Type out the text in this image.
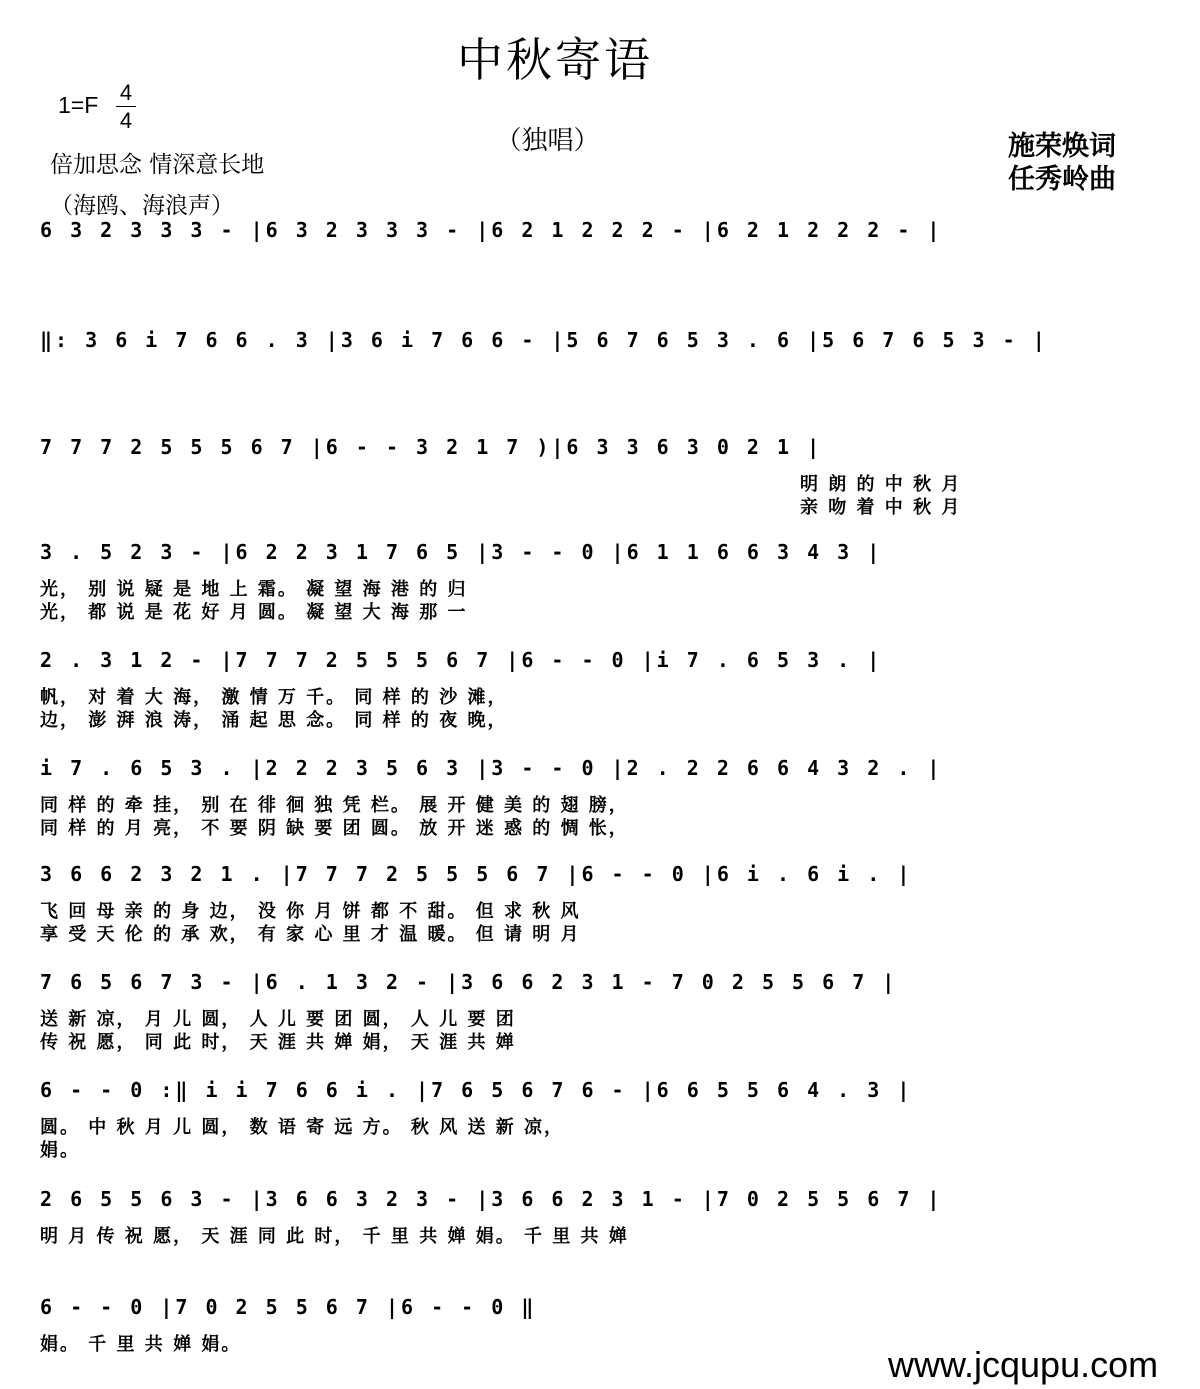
中秋寄语
（独唱）
1=F 4
4
倍加思念 情深意长地
（海鸥、海浪声）
施荣焕词
任秀岭曲
6 3 2 3 3 3 - |6 3 2 3 3 3 - |6 2 1 2 2 2 - |6 2 1 2 2 2 - |
‖: 3 6 i 7 6 6 . 3 |3 6 i 7 6 6 - |5 6 7 6 5 3 . 6 |5 6 7 6 5 3 - |
7 7 7 2 5 5 5 6 7 |6 - - 3 2 1 7 )|6 3 3 6 3 0 2 1 |
明 朗 的 中 秋 月
亲 吻 着 中 秋 月
3 . 5 2 3 - |6 2 2 3 1 7 6 5 |3 - - 0 |6 1 1 6 6 3 4 3 |
光， 别 说 疑 是 地 上 霜。 凝 望 海 港 的 归
光， 都 说 是 花 好 月 圆。 凝 望 大 海 那 一
2 . 3 1 2 - |7 7 7 2 5 5 5 6 7 |6 - - 0 |i 7 . 6 5 3 . |
帆， 对 着 大 海， 激 情 万 千。 同 样 的 沙 滩，
边， 澎 湃 浪 涛， 涌 起 思 念。 同 样 的 夜 晚，
i 7 . 6 5 3 . |2 2 2 3 5 6 3 |3 - - 0 |2 . 2 2 6 6 4 3 2 . |
同 样 的 牵 挂， 别 在 徘 徊 独 凭 栏。 展 开 健 美 的 翅 膀，
同 样 的 月 亮， 不 要 阴 缺 要 团 圆。 放 开 迷 惑 的 惆 怅，
3 6 6 2 3 2 1 . |7 7 7 2 5 5 5 6 7 |6 - - 0 |6 i . 6 i . |
飞 回 母 亲 的 身 边， 没 你 月 饼 都 不 甜。 但 求 秋 风
享 受 天 伦 的 承 欢， 有 家 心 里 才 温 暖。 但 请 明 月
7 6 5 6 7 3 - |6 . 1 3 2 - |3 6 6 2 3 1 - 7 0 2 5 5 6 7 |
送 新 凉， 月 儿 圆， 人 儿 要 团 圆， 人 儿 要 团
传 祝 愿， 同 此 时， 天 涯 共 婵 娟， 天 涯 共 婵
6 - - 0 :‖ i i 7 6 6 i . |7 6 5 6 7 6 - |6 6 5 5 6 4 . 3 |
圆。 中 秋 月 儿 圆， 数 语 寄 远 方。 秋 风 送 新 凉，
娟。
2 6 5 5 6 3 - |3 6 6 3 2 3 - |3 6 6 2 3 1 - |7 0 2 5 5 6 7 |
明 月 传 祝 愿， 天 涯 同 此 时， 千 里 共 婵 娟。 千 里 共 婵
6 - - 0 |7 0 2 5 5 6 7 |6 - - 0 ‖
娟。 千 里 共 婵 娟。	www.jcqupu.com
